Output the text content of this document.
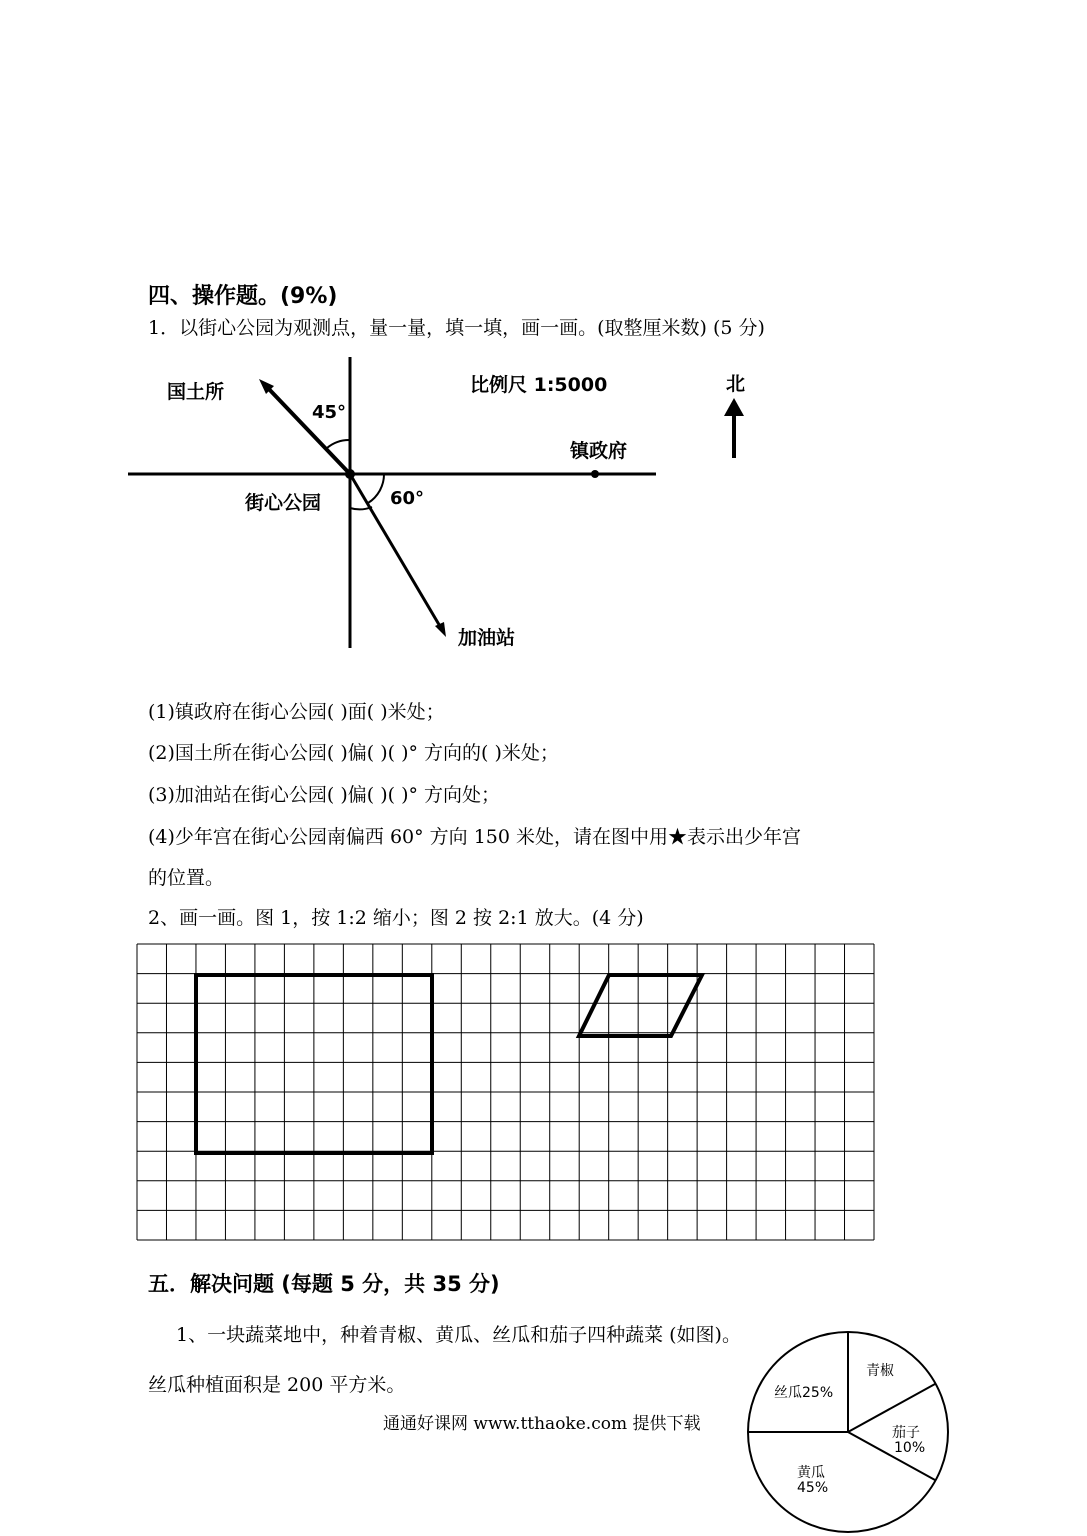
四、操作题。(9%)
1．以街心公园为观测点，量一量，填一填，画一画。(取整厘米数) (5 分)
国土所
45°
比例尺 1:5000	北
镇政府
街心公园	60°
加油站
(1)镇政府在街心公园( )面( )米处；
(2)国土所在街心公园( )偏( )( )° 方向的( )米处；
(3)加油站在街心公园( )偏( )( )° 方向处；
(4)少年宫在街心公园南偏西 60° 方向 150 米处，请在图中用★表示出少年宫
的位置。
2、画一画。图 1，按 1:2 缩小；图 2 按 2:1 放大。(4 分)
五．解决问题 (每题 5 分，共 35 分)
1、一块蔬菜地中，种着青椒、黄瓜、丝瓜和茄子四种蔬菜 (如图)。
丝瓜种植面积是 200 平方米。
通通好课网 www.tthaoke.com 提供下载
青椒
丝瓜25%
茄子
10%
黄瓜
45%
